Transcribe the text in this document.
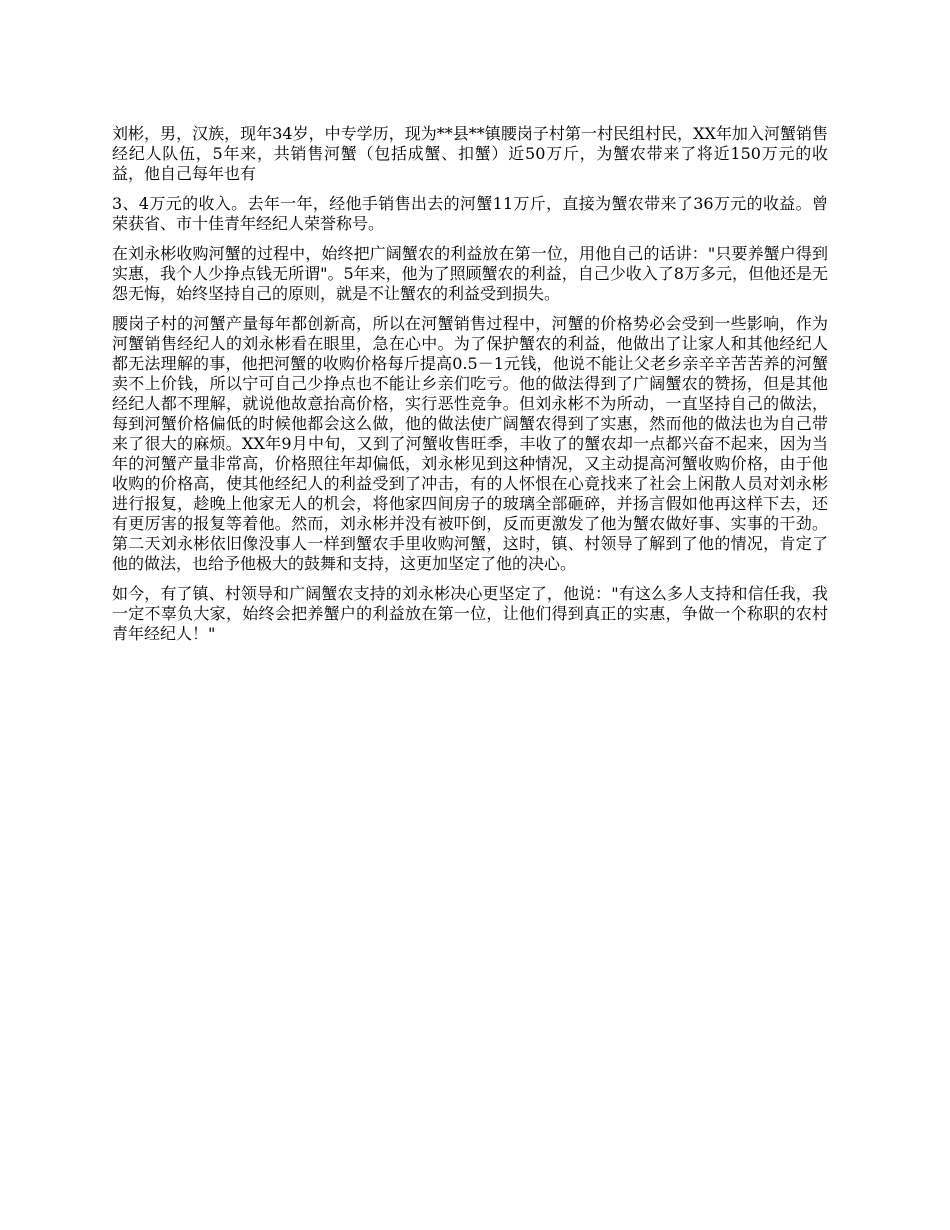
刘彬，男，汉族，现年34岁，中专学历，现为**县**镇腰岗子村第一村民组村民，XX年加入河蟹销售经纪人队伍，5年来，共销售河蟹（包括成蟹、扣蟹）近50万斤，为蟹农带来了将近150万元的收益，他自己每年也有

3、4万元的收入。去年一年，经他手销售出去的河蟹11万斤，直接为蟹农带来了36万元的收益。曾荣获省、市十佳青年经纪人荣誉称号。

在刘永彬收购河蟹的过程中，始终把广阔蟹农的利益放在第一位，用他自己的话讲："只要养蟹户得到实惠，我个人少挣点钱无所谓"。5年来，他为了照顾蟹农的利益，自己少收入了8万多元，但他还是无怨无悔，始终坚持自己的原则，就是不让蟹农的利益受到损失。

腰岗子村的河蟹产量每年都创新高，所以在河蟹销售过程中，河蟹的价格势必会受到一些影响，作为河蟹销售经纪人的刘永彬看在眼里，急在心中。为了保护蟹农的利益，他做出了让家人和其他经纪人都无法理解的事，他把河蟹的收购价格每斤提高0.5－1元钱，他说不能让父老乡亲辛辛苦苦养的河蟹卖不上价钱，所以宁可自己少挣点也不能让乡亲们吃亏。他的做法得到了广阔蟹农的赞扬，但是其他经纪人都不理解，就说他故意抬高价格，实行恶性竞争。但刘永彬不为所动，一直坚持自己的做法，每到河蟹价格偏低的时候他都会这么做，他的做法使广阔蟹农得到了实惠，然而他的做法也为自己带来了很大的麻烦。XX年9月中旬，又到了河蟹收售旺季，丰收了的蟹农却一点都兴奋不起来，因为当年的河蟹产量非常高，价格照往年却偏低，刘永彬见到这种情况，又主动提高河蟹收购价格，由于他收购的价格高，使其他经纪人的利益受到了冲击，有的人怀恨在心竟找来了社会上闲散人员对刘永彬进行报复，趁晚上他家无人的机会，将他家四间房子的玻璃全部砸碎，并扬言假如他再这样下去，还有更厉害的报复等着他。然而，刘永彬并没有被吓倒，反而更激发了他为蟹农做好事、实事的干劲。第二天刘永彬依旧像没事人一样到蟹农手里收购河蟹，这时，镇、村领导了解到了他的情况，肯定了他的做法，也给予他极大的鼓舞和支持，这更加坚定了他的决心。

如今，有了镇、村领导和广阔蟹农支持的刘永彬决心更坚定了，他说："有这么多人支持和信任我，我一定不辜负大家，始终会把养蟹户的利益放在第一位，让他们得到真正的实惠，争做一个称职的农村青年经纪人！"
